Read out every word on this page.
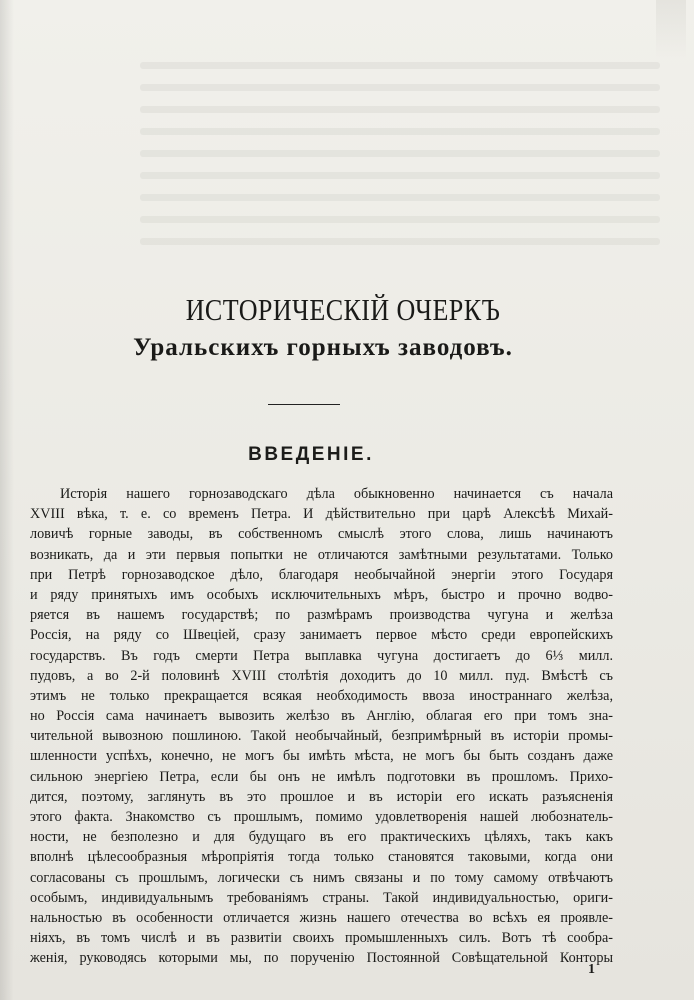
ИСТОРИЧЕСКІЙ ОЧЕРКЪ
Уральскихъ горныхъ заводовъ.
ВВЕДЕНІЕ.
Исторія нашего горнозаводскаго дѣла обыкновенно начинается съ начала
XVIII вѣка, т. е. со временъ Петра. И дѣйствительно при царѣ Алексѣѣ Михай-
ловичѣ горные заводы, въ собственномъ смыслѣ этого слова, лишь начинаютъ
возникать, да и эти первыя попытки не отличаются замѣтными результатами. Только
при Петрѣ горнозаводское дѣло, благодаря необычайной энергіи этого Государя
и ряду принятыхъ имъ особыхъ исключительныхъ мѣръ, быстро и прочно водво-
ряется въ нашемъ государствѣ; по размѣрамъ производства чугуна и желѣза
Россія, на ряду со Швеціей, сразу занимаетъ первое мѣсто среди европейскихъ
государствъ. Въ годъ смерти Петра выплавка чугуна достигаетъ до 6⅓ милл.
пудовъ, а во 2-й половинѣ XVIII столѣтія доходитъ до 10 милл. пуд. Вмѣстѣ съ
этимъ не только прекращается всякая необходимость ввоза иностраннаго желѣза,
но Россія сама начинаетъ вывозить желѣзо въ Англію, облагая его при томъ зна-
чительной вывозною пошлиною. Такой необычайный, безпримѣрный въ исторіи промы-
шленности успѣхъ, конечно, не могъ бы имѣть мѣста, не могъ бы быть созданъ даже
сильною энергіею Петра, если бы онъ не имѣлъ подготовки въ прошломъ. Прихо-
дится, поэтому, заглянуть въ это прошлое и въ исторіи его искать разъясненія
этого факта. Знакомство съ прошлымъ, помимо удовлетворенія нашей любознатель-
ности, не безполезно и для будущаго въ его практическихъ цѣляхъ, такъ какъ
вполнѣ цѣлесообразныя мѣропріятія тогда только становятся таковыми, когда они
согласованы съ прошлымъ, логически съ нимъ связаны и по тому самому отвѣчаютъ
особымъ, индивидуальнымъ требованіямъ страны. Такой индивидуальностью, ориги-
нальностью въ особенности отличается жизнь нашего отечества во всѣхъ ея проявле-
ніяхъ, въ томъ числѣ и въ развитіи своихъ промышленныхъ силъ. Вотъ тѣ сообра-
женія, руководясь которыми мы, по порученію Постоянной Совѣщательной Конторы
1
